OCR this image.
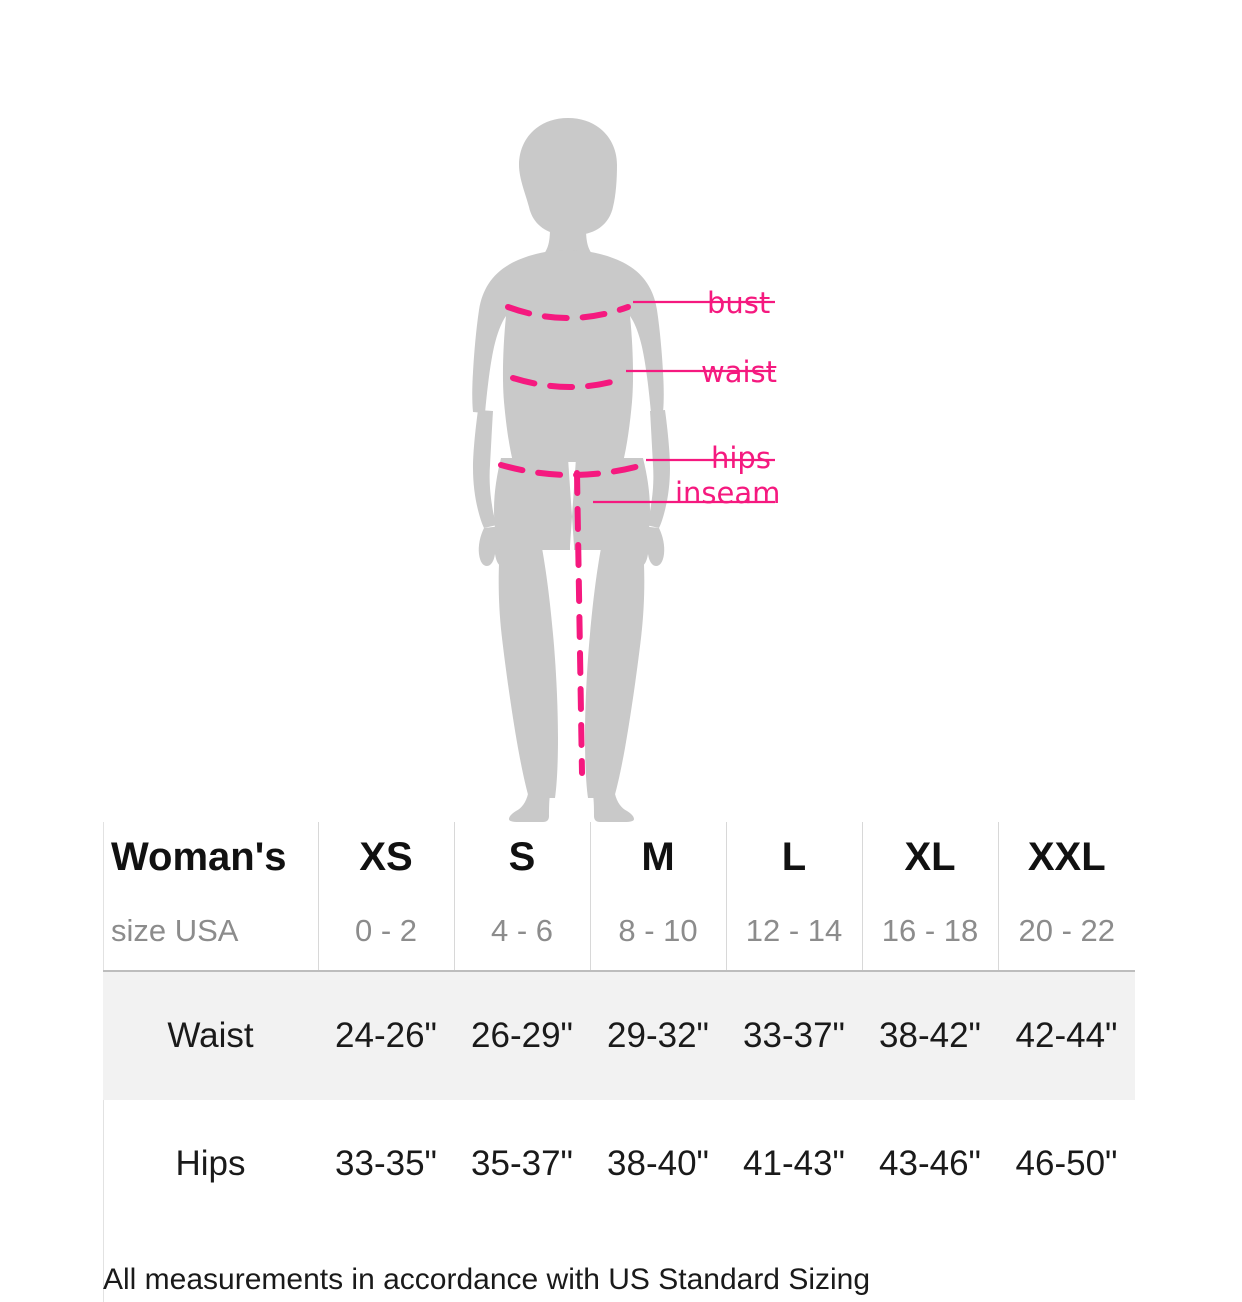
bust
waist
hips
inseam
Woman's	XS	S	M	L	XL	XXL
size USA	0 - 2	4 - 6	8 - 10	12 - 14	16 - 18	20 - 22

Waist	24-26"	26-29"	29-32"	33-37"	38-42"	42-44"
Hips	33-35"	35-37"	38-40"	41-43"	43-46"	46-50"
All measurements in accordance with US Standard Sizing						
